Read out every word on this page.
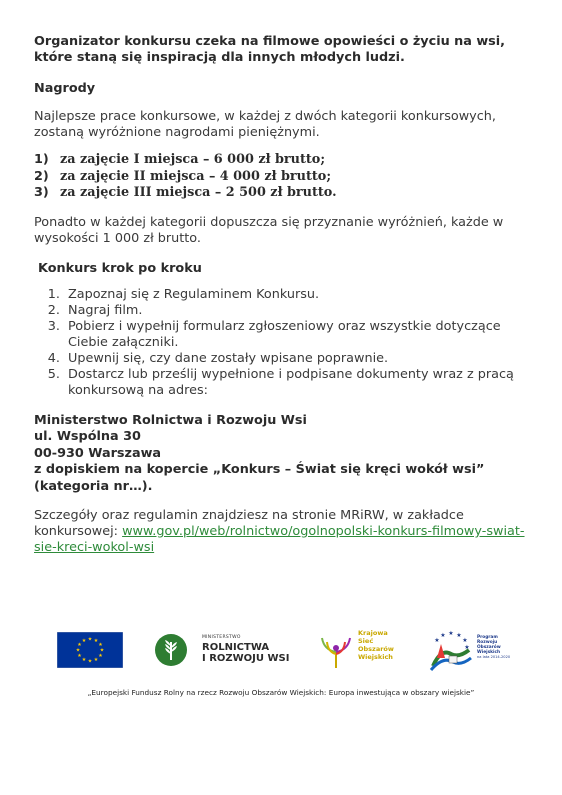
Organizator konkursu czeka na filmowe opowieści o życiu na wsi, które staną się inspiracją dla innych młodych ludzi.

Nagrody

Najlepsze prace konkursowe, w każdej z dwóch kategorii konkursowych, zostaną wyróżnione nagrodami pieniężnymi.

1) za zajęcie I miejsca – 6 000 zł brutto;
2) za zajęcie II miejsca – 4 000 zł brutto;
3) za zajęcie III miejsca – 2 500 zł brutto.

Ponadto w każdej kategorii dopuszcza się przyznanie wyróżnień, każde w wysokości 1 000 zł brutto.

Konkurs krok po kroku

1. Zapoznaj się z Regulaminem Konkursu.
2. Nagraj film.
3. Pobierz i wypełnij formularz zgłoszeniowy oraz wszystkie dotyczące Ciebie załączniki.
4. Upewnij się, czy dane zostały wpisane poprawnie.
5. Dostarcz lub prześlij wypełnione i podpisane dokumenty wraz z pracą konkursową na adres:
Ministerstwo Rolnictwa i Rozwoju Wsi
ul. Wspólna 30
00-930 Warszawa
z dopiskiem na kopercie „Konkurs – Świat się kręci wokół wsi”
(kategoria nr…).

Szczegóły oraz regulamin znajdziesz na stronie MRiRW, w zakładce konkursowej: www.gov.pl/web/rolnictwo/ogolnopolski-konkurs-filmowy-swiat-sie-kreci-wokol-wsi

★ ★
★
★
★
★
★
★
★
★
★
★
MINISTERSTWO
ROLNICTWA
I ROZWOJU WSI
Krajowa
Sieć
Obszarów
Wiejskich
★ ★
★
★
★
★
Program
Rozwoju
Obszarów
Wiejskich
na lata 2014-2020
„Europejski Fundusz Rolny na rzecz Rozwoju Obszarów Wiejskich: Europa inwestująca w obszary wiejskie”
